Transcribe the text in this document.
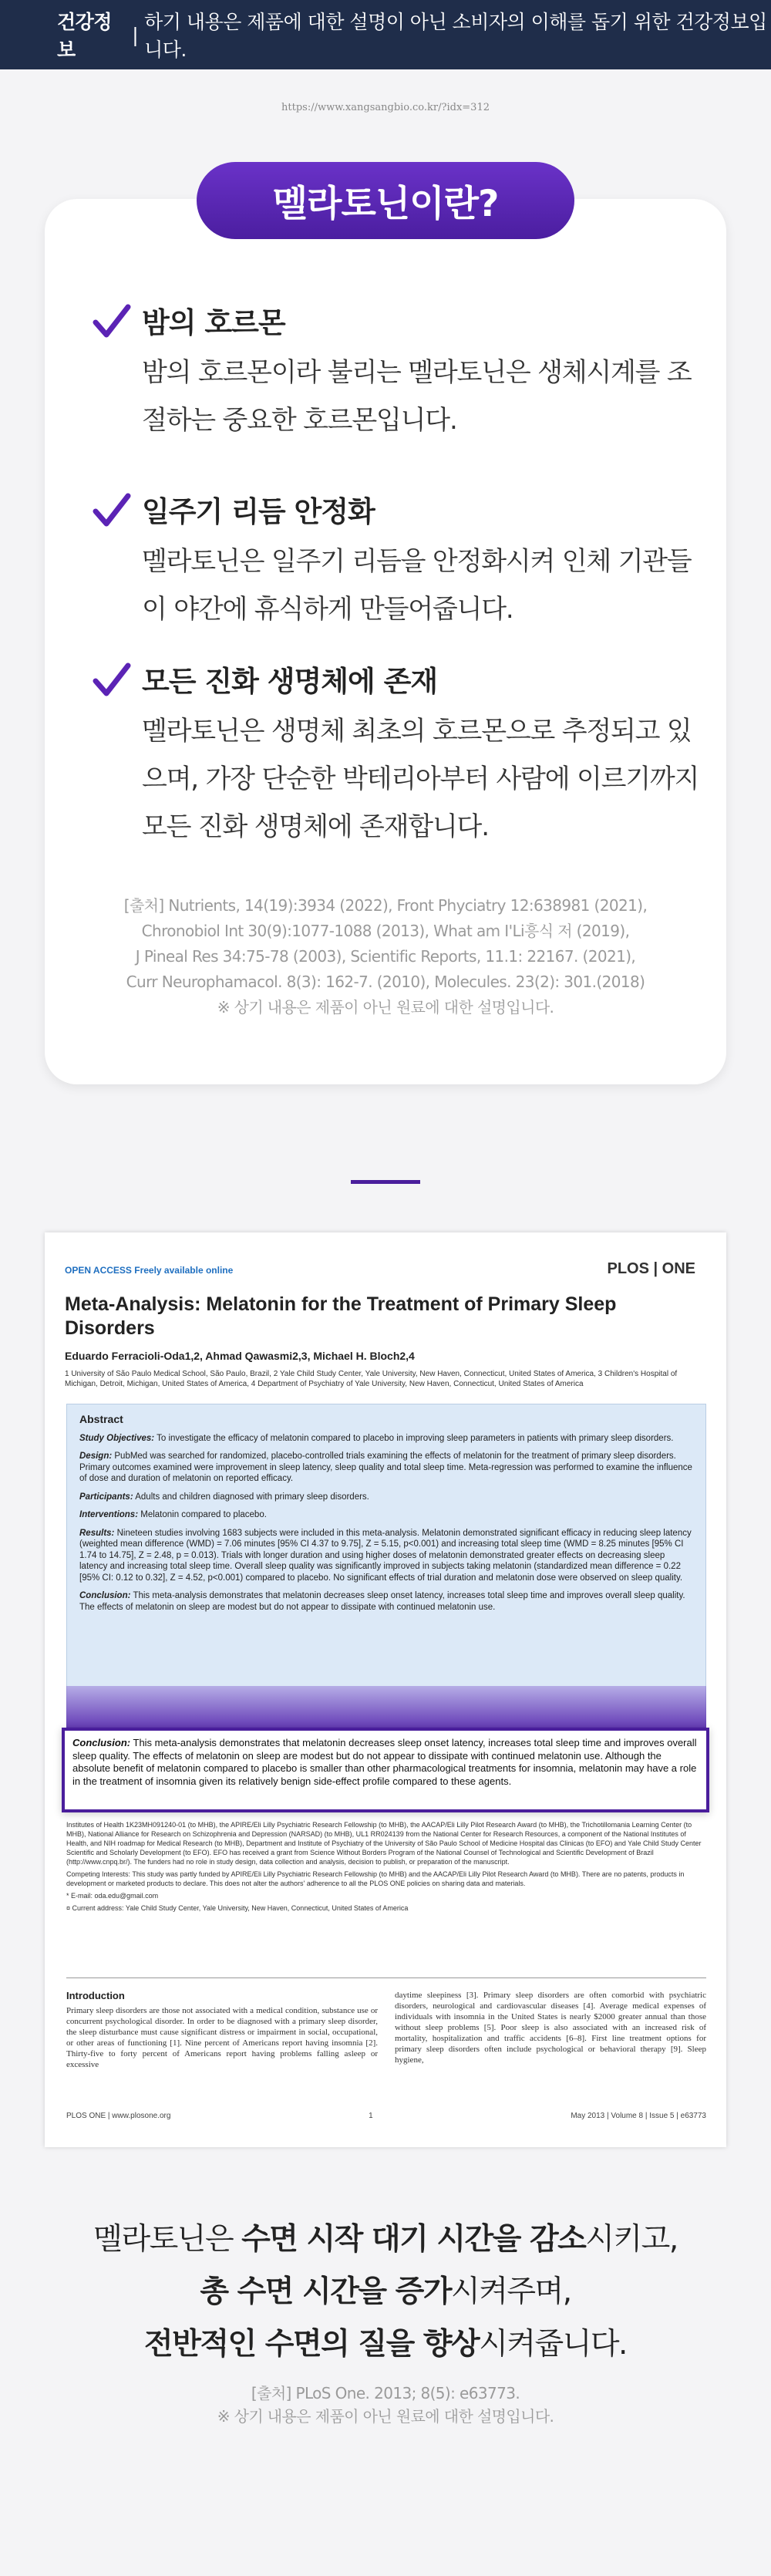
건강정보
|
하기 내용은 제품에 대한 설명이 아닌 소비자의 이해를 돕기 위한 건강정보입니다.
https://www.xangsangbio.co.kr/?idx=312
멜라토닌이란?
밤의 호르몬

밤의 호르몬이라 불리는 멜라토닌은 생체시계를 조절하는 중요한 호르몬입니다.

일주기 리듬 안정화

멜라토닌은 일주기 리듬을 안정화시켜 인체 기관들이 야간에 휴식하게 만들어줍니다.

모든 진화 생명체에 존재

멜라토닌은 생명체 최초의 호르몬으로 추정되고 있으며, 가장 단순한 박테리아부터 사람에 이르기까지 모든 진화 생명체에 존재합니다.

[출처] Nutrients, 14(19):3934 (2022), Front Phyciatry 12:638981 (2021),
Chronobiol Int 30(9):1077-1088 (2013), What am I'Li흥식 저 (2019),
J Pineal Res 34:75-78 (2003), Scientific Reports, 11.1: 22167. (2021),
Curr Neurophamacol. 8(3): 162-7. (2010), Molecules. 23(2): 301.(2018)
※ 상기 내용은 제품이 아닌 원료에 대한 설명입니다.
OPEN ACCESS Freely available online	PLOS | ONE
Meta-Analysis: Melatonin for the Treatment of Primary Sleep Disorders
Eduardo Ferracioli-Oda1,2, Ahmad Qawasmi2,3, Michael H. Bloch2,4
1 University of São Paulo Medical School, São Paulo, Brazil, 2 Yale Child Study Center, Yale University, New Haven, Connecticut, United States of America, 3 Children's Hospital of Michigan, Detroit, Michigan, United States of America, 4 Department of Psychiatry of Yale University, New Haven, Connecticut, United States of America
Abstract

Study Objectives: To investigate the efficacy of melatonin compared to placebo in improving sleep parameters in patients with primary sleep disorders.

Design: PubMed was searched for randomized, placebo-controlled trials examining the effects of melatonin for the treatment of primary sleep disorders. Primary outcomes examined were improvement in sleep latency, sleep quality and total sleep time. Meta-regression was performed to examine the influence of dose and duration of melatonin on reported efficacy.

Participants: Adults and children diagnosed with primary sleep disorders.

Interventions: Melatonin compared to placebo.

Results: Nineteen studies involving 1683 subjects were included in this meta-analysis. Melatonin demonstrated significant efficacy in reducing sleep latency (weighted mean difference (WMD) = 7.06 minutes [95% CI 4.37 to 9.75], Z = 5.15, p<0.001) and increasing total sleep time (WMD = 8.25 minutes [95% CI 1.74 to 14.75], Z = 2.48, p = 0.013). Trials with longer duration and using higher doses of melatonin demonstrated greater effects on decreasing sleep latency and increasing total sleep time. Overall sleep quality was significantly improved in subjects taking melatonin (standardized mean difference = 0.22 [95% CI: 0.12 to 0.32], Z = 4.52, p<0.001) compared to placebo. No significant effects of trial duration and melatonin dose were observed on sleep quality.

Conclusion: This meta-analysis demonstrates that melatonin decreases sleep onset latency, increases total sleep time and improves overall sleep quality. The effects of melatonin on sleep are modest but do not appear to dissipate with continued melatonin use.

Conclusion: This meta-analysis demonstrates that melatonin decreases sleep onset latency, increases total sleep time and improves overall sleep quality. The effects of melatonin on sleep are modest but do not appear to dissipate with continued melatonin use. Although the absolute benefit of melatonin compared to placebo is smaller than other pharmacological treatments for insomnia, melatonin may have a role in the treatment of insomnia given its relatively benign side-effect profile compared to these agents.

Institutes of Health 1K23MH091240-01 (to MHB), the APIRE/Eli Lilly Psychiatric Research Fellowship (to MHB), the AACAP/Eli Lilly Pilot Research Award (to MHB), the Trichotillomania Learning Center (to MHB), National Alliance for Research on Schizophrenia and Depression (NARSAD) (to MHB), UL1 RR024139 from the National Center for Research Resources, a component of the National Institutes of Health, and NIH roadmap for Medical Research (to MHB), Department and Institute of Psychiatry of the University of São Paulo School of Medicine Hospital das Clinicas (to EFO) and Yale Child Study Center Scientific and Scholarly Development (to EFO). EFO has received a grant from Science Without Borders Program of the National Counsel of Technological and Scientific Development of Brazil (http://www.cnpq.br/). The funders had no role in study design, data collection and analysis, decision to publish, or preparation of the manuscript.

Competing Interests: This study was partly funded by APIRE/Eli Lilly Psychiatric Research Fellowship (to MHB) and the AACAP/Eli Lilly Pilot Research Award (to MHB). There are no patents, products in development or marketed products to declare. This does not alter the authors' adherence to all the PLOS ONE policies on sharing data and materials.

* E-mail: oda.edu@gmail.com

¤ Current address: Yale Child Study Center, Yale University, New Haven, Connecticut, United States of America

Introduction
Primary sleep disorders are those not associated with a medical condition, substance use or concurrent psychological disorder. In order to be diagnosed with a primary sleep disorder, the sleep disturbance must cause significant distress or impairment in social, occupational, or other areas of functioning [1]. Nine percent of Americans report having insomnia [2]. Thirty-five to forty percent of Americans report having problems falling asleep or excessive
daytime sleepiness [3]. Primary sleep disorders are often comorbid with psychiatric disorders, neurological and cardiovascular diseases [4]. Average medical expenses of individuals with insomnia in the United States is nearly $2000 greater annual than those without sleep problems [5]. Poor sleep is also associated with an increased risk of mortality, hospitalization and traffic accidents [6–8]. First line treatment options for primary sleep disorders often include psychological or behavioral therapy [9]. Sleep hygiene,
PLOS ONE | www.plosone.org	1	May 2013 | Volume 8 | Issue 5 | e63773
멜라토닌은 수면 시작 대기 시간을 감소시키고,
총 수면 시간을 증가시켜주며,
전반적인 수면의 질을 향상시켜줍니다.
[출처] PLoS One. 2013; 8(5): e63773.
※ 상기 내용은 제품이 아닌 원료에 대한 설명입니다.
